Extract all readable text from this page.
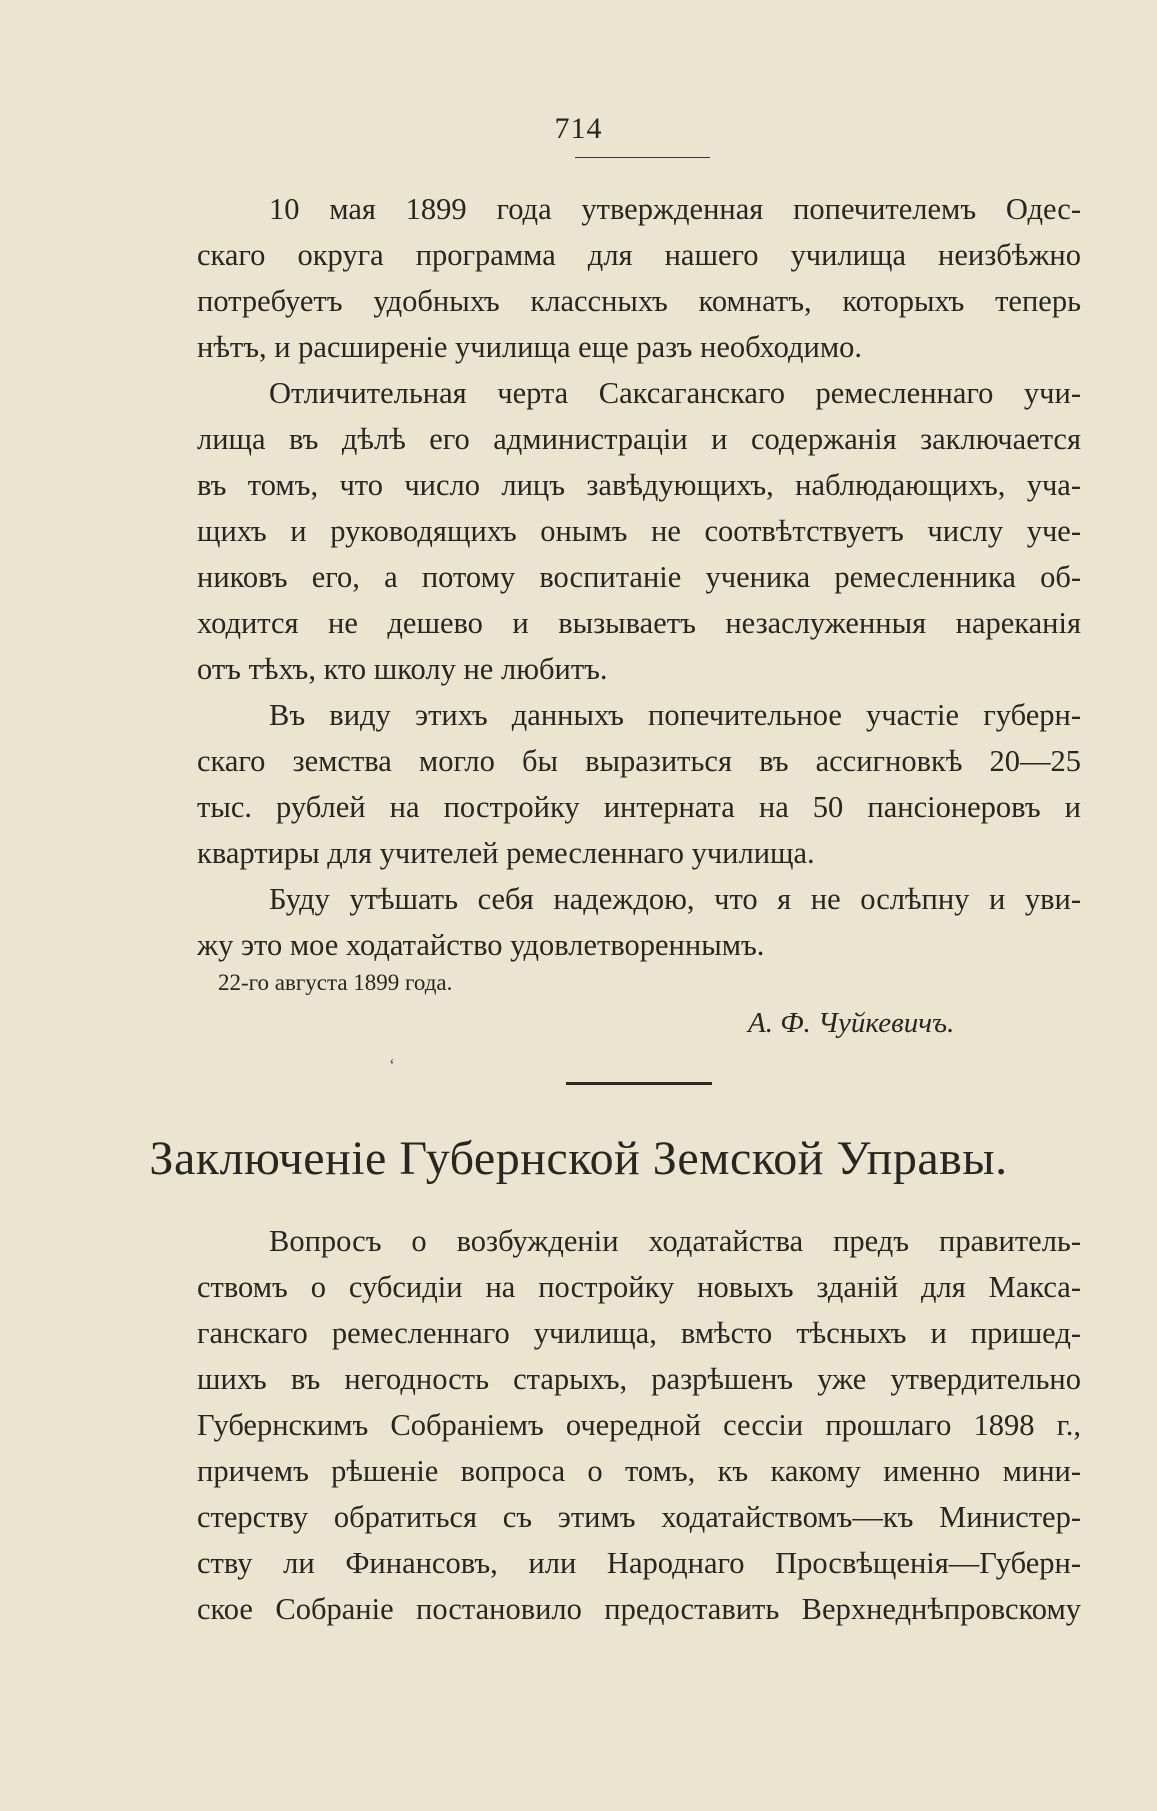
714
10 мая 1899 года утвержденная попечителемъ Одес-
скаго округа программа для нашего училища неизбѣжно
потребуетъ удобныхъ классныхъ комнатъ, которыхъ теперь
нѣтъ, и расширеніе училища еще разъ необходимо.
Отличительная черта Саксаганскаго ремесленнаго учи-
лища въ дѣлѣ его администраціи и содержанія заключается
въ томъ, что число лицъ завѣдующихъ, наблюдающихъ, уча-
щихъ и руководящихъ онымъ не соотвѣтствуетъ числу уче-
никовъ его, а потому воспитаніе ученика ремесленника об-
ходится не дешево и вызываетъ незаслуженныя нареканія
отъ тѣхъ, кто школу не любитъ.
Въ виду этихъ данныхъ попечительное участіе губерн-
скаго земства могло бы выразиться въ ассигновкѣ 20—25
тыс. рублей на постройку интерната на 50 пансіонеровъ и
квартиры для учителей ремесленнаго училища.
Буду утѣшать себя надеждою, что я не ослѣпну и уви-
жу это мое ходатайство удовлетвореннымъ.
22-го августа 1899 года.
А. Ф. Чуйкевичъ.
‘
Заключеніе Губернской Земской Управы.
Вопросъ о возбужденіи ходатайства предъ правитель-
ствомъ о субсидіи на постройку новыхъ зданій для Макса-
ганскаго ремесленнаго училища, вмѣсто тѣсныхъ и пришед-
шихъ въ негодность старыхъ, разрѣшенъ уже утвердительно
Губернскимъ Собраніемъ очередной сессіи прошлаго 1898 г.,
причемъ рѣшеніе вопроса о томъ, къ какому именно мини-
стерству обратиться съ этимъ ходатайствомъ—къ Министер-
ству ли Финансовъ, или Народнаго Просвѣщенія—Губерн-
ское Собраніе постановило предоставить Верхнеднѣпровскому
